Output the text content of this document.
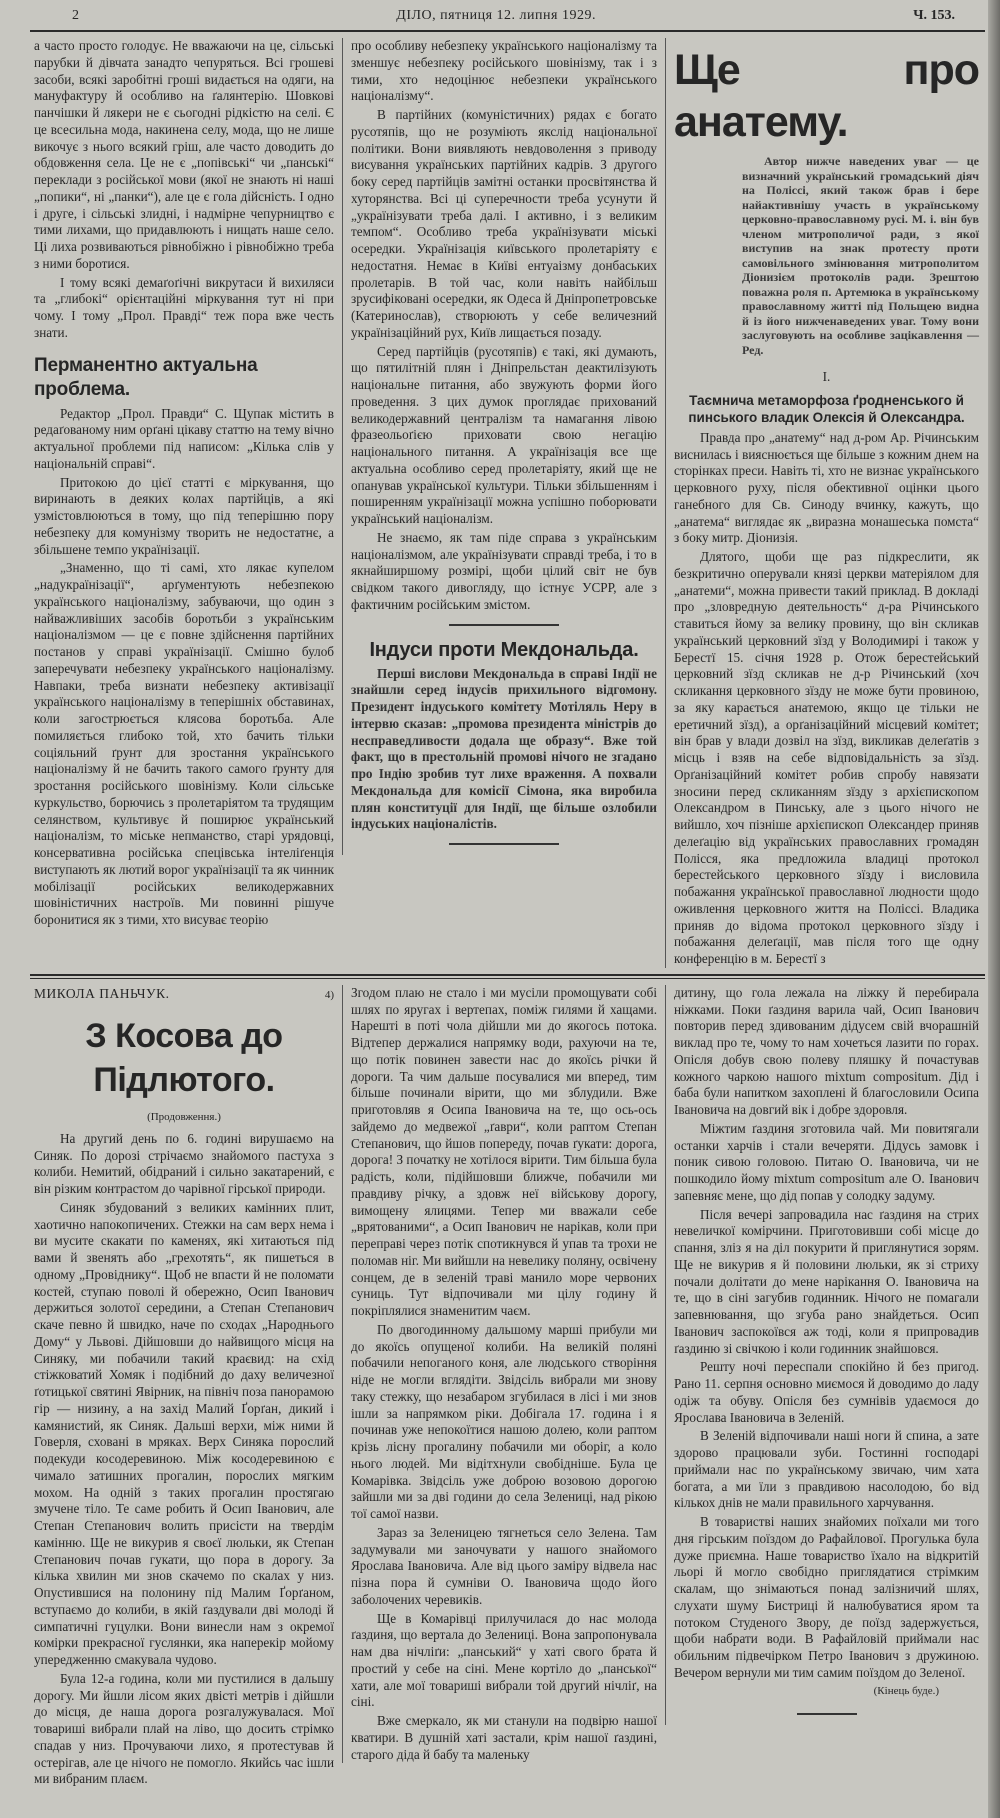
2	ДІЛО, пятниця 12. липня 1929.	Ч. 153.

а часто просто голодує. Не вважаючи на це, сільські парубки й дівчата занадто чепуряться. Всі грошеві засоби, всякі заробітні гроші видається на одяги, на мануфактуру й особливо на ґалянтерію. Шовкові панчішки й лякери не є сьогодні рідкістю на селі. Є це всесильна мода, накинена селу, мода, що не лише викочує з нього всякий гріш, але часто доводить до обдовження села. Це не є „попівські“ чи „панські“ переклади з російської мови (якої не знають ні наші „попики“, ні „панки“), але це є гола дійсність. І одно і друге, і сільські злидні, і надмірне чепурництво є тими лихами, що придавлюють і нищать наше село. Ці лиха розвиваються рівнобіжно і рівнобіжно треба з ними боротися.

І тому всякі демаґоґічні викрутаси й вихиляси та „глибокі“ орієнтаційні міркування тут ні при чому. І тому „Прол. Правді“ теж пора вже честь знати.

Перманентно актуальна проблема.

Редактор „Прол. Правди“ С. Щупак містить в редаґованому ним орґані цікаву статтю на тему вічно актуальної проблеми під написом: „Кілька слів у національній справі“.

Притокою до цієї статті є міркування, що виринають в деяких колах партійців, а які узмістовлюються в тому, що під теперішню пору небезпеку для комунізму творить не недостатнє, а збільшене темпо українізації.

„Знаменно, що ті самі, хто лякає купелом „надукраїнізації“, арґументують небезпекою українського націоналізму, забуваючи, що один з найважливіших засобів боротьби з українським націоналізмом — це є повне здійснення партійних постанов у справі українізації. Смішно булоб заперечувати небезпеку українського націоналізму. Навпаки, треба визнати небезпеку активізації українського націоналізму в теперішніх обставинах, коли загострюється клясова боротьба. Але помиляється глибоко той, хто бачить тільки соціяльний ґрунт для зростання українського націоналізму й не бачить такого самого ґрунту для зростання російського шовінізму. Коли сільське куркульство, борючись з пролетаріятом та трудящим селянством, культивує й поширює український націоналізм, то міське непманство, старі урядовці, консервативна російська спецівська інтеліґенція виступають як лютий ворог українізації та як чинник мобілізації російських великодержавних шовіністичних настроїв. Ми повинні рішуче боронитися як з тими, хто висуває теорію

про особливу небезпеку українського націоналізму та зменшує небезпеку російського шовінізму, так і з тими, хто недоцінює небезпеки українського націоналізму“.

В партійних (комуністичних) рядах є богато русотяпів, що не розуміють якслід національної політики. Вони виявляють невдоволення з приводу висування українських партійних кадрів. З другого боку серед партійців замітні останки просвітянства й хуторянства. Всі ці суперечности треба усунути й „українізувати треба далі. І активно, і з великим темпом“. Особливо треба українізувати міські осередки. Українізація київського пролетаріяту є недостатня. Немає в Київі ентуаізму донбаських пролетарів. В той час, коли навіть найбільш зрусифіковані осередки, як Одеса й Дніпропетровське (Катеринослав), створюють у себе величезний українізаційний рух, Київ лищається позаду.

Серед партійців (русотяпів) є такі, які думають, що пятилітній плян і Дніпрельстан деактилізують національне питання, або звужують форми його проведення. З цих думок проглядає прихований великодержавний централізм та намагання лівою фразеольоґією приховати свою негацію національного питання. А українізація все ще актуальна особливо серед пролетаріяту, який ще не опанував української культури. Тільки збільшенням і поширенням українізації можна успішно поборювати український націоналізм.

Не знаємо, як там піде справа з українським націоналізмом, але українізувати справді треба, і то в якнайширшому розмірі, щоби цілий світ не був свідком такого дивогляду, що істнує УСРР, але з фактичним російським змістом.

Індуси проти Мекдональда.

Перші вислови Мекдональда в справі Індії не знайшли серед індусів прихильного відгомону. Президент індуського комітету Мотіляль Неру в інтервю сказав: „промова президента міністрів до несправедливости додала ще образу“. Вже той факт, що в престольній промові нічого не згадано про Індію зробив тут лихе враження. А похвали Мекдональда для комісії Сімона, яка виробила плян конституції для Індії, ще більше озлобили індуських націоналістів.

Ще про анатему.

Автор нижче наведених уваг — це визначний український громадський діяч на Поліссі, який також брав і бере найактивнішу участь в українському церковно-православному русі. М. і. він був членом митрополичої ради, з якої виступив на знак протесту проти самовільного змінювання митрополитом Діонизієм протоколів ради. Зрештою поважна роля п. Артемюка в українському православному житті під Польщею видна й із його нижченаведених уваг. Тому вони заслуговують на особливе зацікавлення — Ред.

I.
Таємнича метаморфоза ґродненського й пинського владик Олексія й Олександра.

Правда про „анатему“ над д-ром Ар. Річинським виснилась і вияснюється ще більше з кожним днем на сторінках преси. Навіть ті, хто не визнає українського церковного руху, після обективної оцінки цього ганебного для Св. Синоду вчинку, кажуть, що „анатема“ виглядає як „виразна монашеська помста“ з боку митр. Діонизія.

Длятого, щоби ще раз підкреслити, як безкритично оперували князі церкви матеріялом для „анатеми“, можна привести такий приклад. В докладі про „зловредную деятельность“ д-ра Річинського ставиться йому за велику провину, що він скликав український церковний зїзд у Володимирі і також у Берестї 15. січня 1928 р. Отож берестейський церковний зїзд скликав не д-р Річинський (хоч скликання церковного зїзду не може бути провиною, за яку карається анатемою, якщо це тільки не еретичний зїзд), а орґанізаційний місцевий комітет; він брав у влади дозвіл на зїзд, викликав делеґатів з місць і взяв на себе відповідальність за зїзд. Орґанізаційний комітет робив спробу навязати зносини перед скликанням зїзду з архієпископом Олександром в Пинську, але з цього нічого не вийшло, хоч пізніше архієпископ Олександер приняв делеґацію від українських православних громадян Полісся, яка предложила владиці протокол берестейського церковного зїзду і висловила побажання української православної людности щодо оживлення церковного життя на Поліссі. Владика приняв до відома протокол церковного зїзду і побажання делеґації, мав після того ще одну конференцію в м. Берестї з

МИКОЛА ПАНЬЧУК.	4)
З Косова до Підлютого.
(Продовження.)

На другий день по 6. годині вирушаємо на Синяк. По дорозі стрічаємо знайомого пастуха з колиби. Немитий, обідраний і сильно закатарений, є він різким контрастом до чарівної гірської природи.

Синяк збудований з великих камінних плит, хаотично напокопичених. Стежки на сам верх нема і ви мусите скакати по каменях, які хитаються під вами й звенять або „грехотять“, як пишеться в одному „Провіднику“. Щоб не впасти й не поломати костей, ступаю поволі й обережно, Осип Іванович держиться золотої середини, а Степан Степанович скаче певно й швидко, наче по сходах „Народнього Дому“ у Львові. Дійшовши до найвищого місця на Синяку, ми побачили такий краєвид: на схід стіжковатий Хомяк і подібний до даху величезної ґотицької святині Явірник, на північ поза панорамою гір — низину, а на захід Малий Ґорґан, дикий і камянистий, як Синяк. Дальші верхи, між ними й Говерля, сховані в мряках. Верх Синяка порослий подекуди косодеревиною. Між косодеревиною є чимало затишних прогалин, порослих мягким мохом. На одній з таких прогалин простягаю змучене тіло. Те саме робить й Осип Іванович, але Степан Степанович волить присісти на твердім камінню. Ще не викурив я своєї люльки, як Степан Степанович почав гукати, що пора в дорогу. За кілька хвилин ми знов скачемо по скалах у низ. Опустившися на полонину під Малим Ґорґаном, вступаємо до колиби, в якій ґаздували дві молоді й симпатичні гуцулки. Вони винесли нам з окремої комірки прекрасної гуслянки, яка наперекір мойому упередженню смакувала чудово.

Була 12-а година, коли ми пустилися в дальшу дорогу. Ми йшли лісом яких двісті метрів і дійшли до місця, де наша дорога розгалужувалася. Мої товариші вибрали плай на ліво, що досить стрімко спадав у низ. Прочуваючи лихо, я протестував й остерігав, але це нічого не помогло. Якийсь час ішли ми вибраним плаєм.

Згодом плаю не стало і ми мусіли промощувати собі шлях по яругах і вертепах, поміж гилями й хащами. Нарешті в поті чола дійшли ми до якогось потока. Відтепер держалися напрямку води, рахуючи на те, що потік повинен завести нас до якоїсь річки й дороги. Та чим дальше посувалися ми вперед, тим більше починали вірити, що ми зблудили. Вже приготовляв я Осипа Івановича на те, що ось-ось зайдемо до медвежої „ґаври“, коли раптом Степан Степанович, що йшов попереду, почав ґукати: дорога, дорога! З початку не хотілося вірити. Тим більша була радість, коли, підійшовши ближче, побачили ми правдиву річку, а здовж неї військову дорогу, вимощену ялицями. Тепер ми вважали себе „врятованими“, а Осип Іванович не нарікав, коли при переправі через потік спотикнувся й упав та трохи не поломав ніг. Ми вийшли на невелику поляну, освічену сонцем, де в зеленій траві манило море червоних суниць. Тут відпочивали ми цілу годину й покріплялися знаменитим чаєм.

По двогодинному дальшому марші прибули ми до якоїсь опущеної колиби. На великій поляні побачили непоганого коня, але людського створіння ніде не могли вглядіти. Звідсіль вибрали ми знову таку стежку, що незабаром згубилася в лісі і ми знов ішли за напрямком ріки. Добігала 17. година і я починав уже непокоїтися нашою долею, коли раптом крізь лісну прогалину побачили ми оборіг, а коло нього людей. Ми відітхнули свобідніше. Була це Комарівка. Звідсіль уже доброю возовою дорогою зайшли ми за дві години до села Зелениці, над рікою тої самої назви.

Зараз за Зеленицею тягнеться село Зелена. Там задумували ми заночувати у нашого знайомого Ярослава Івановича. Але від цього заміру відвела нас пізна пора й сумніви О. Івановича щодо його заболочених черевиків.

Ще в Комарівці прилучилася до нас молода ґаздиня, що вертала до Зелениці. Вона запропонувала нам два нічліґи: „панський“ у хаті свого брата й простий у себе на сіні. Мене кортіло до „панської“ хати, але мої товариші вибрали той другий нічліґ, на сіні.

Вже смеркало, як ми станули на подвірю нашої кватири. В душній хаті застали, крім нашої ґаздині, старого діда й бабу та маленьку

дитину, що гола лежала на ліжку й перебирала ніжками. Поки ґаздиня варила чай, Осип Іванович повторив перед здивованим дідусем свій вчорашній виклад про те, чому то нам хочеться лазити по горах. Опісля добув свою полеву пляшку й почастував кожного чаркою нашого mixtum compositum. Дід і баба були напитком захоплені й благословили Осипа Івановича на довгий вік і добре здоровля.

Міжтим ґаздиня зготовила чай. Ми повитягали останки харчів і стали вечеряти. Дідусь замовк і поник сивою головою. Питаю О. Івановича, чи не пошкодило йому mixtum compositum але О. Іванович запевняє мене, що дід попав у солодку задуму.

Після вечері запровадила нас ґаздиня на стрих невеличкої комірчини. Приготовивши собі місце до спання, зліз я на діл покурити й приглянутися зорям. Ще не викурив я й половини люльки, як зі стриху почали долітати до мене нарікання О. Івановича на те, що в сіні загубив годинник. Нічого не помагали запевнювання, що згуба рано знайдеться. Осип Іванович заспокоївся аж тоді, коли я припровадив ґаздиню зі свічкою і коли годинник знайшовся.

Решту ночі переспали спокійно й без пригод. Рано 11. серпня основно миємося й доводимо до ладу одіж та обуву. Опісля без сумнівів удаємося до Ярослава Івановича в Зеленій.

В Зеленій відпочивали наші ноги й спина, а зате здорово працювали зуби. Гостинні господарі приймали нас по українському звичаю, чим хата богата, а ми їли з правдивою насолодою, бо від кількох днів не мали правильного харчування.

В товаристві наших знайомих поїхали ми того дня гірським поїздом до Рафайлової. Прогулька була дуже приємна. Наше товариство їхало на відкритій льорі й могло свобідно приглядатися стрімким скалам, що знімаються понад залізничий шлях, слухати шуму Бистриці й налюбуватися яром та потоком Студеного Звору, де поїзд задержується, щоби набрати води. В Рафайловій приймали нас обильним підвечірком Петро Іванович з дружиною. Вечером вернули ми тим самим поїздом до Зеленої.

(Кінець буде.)
